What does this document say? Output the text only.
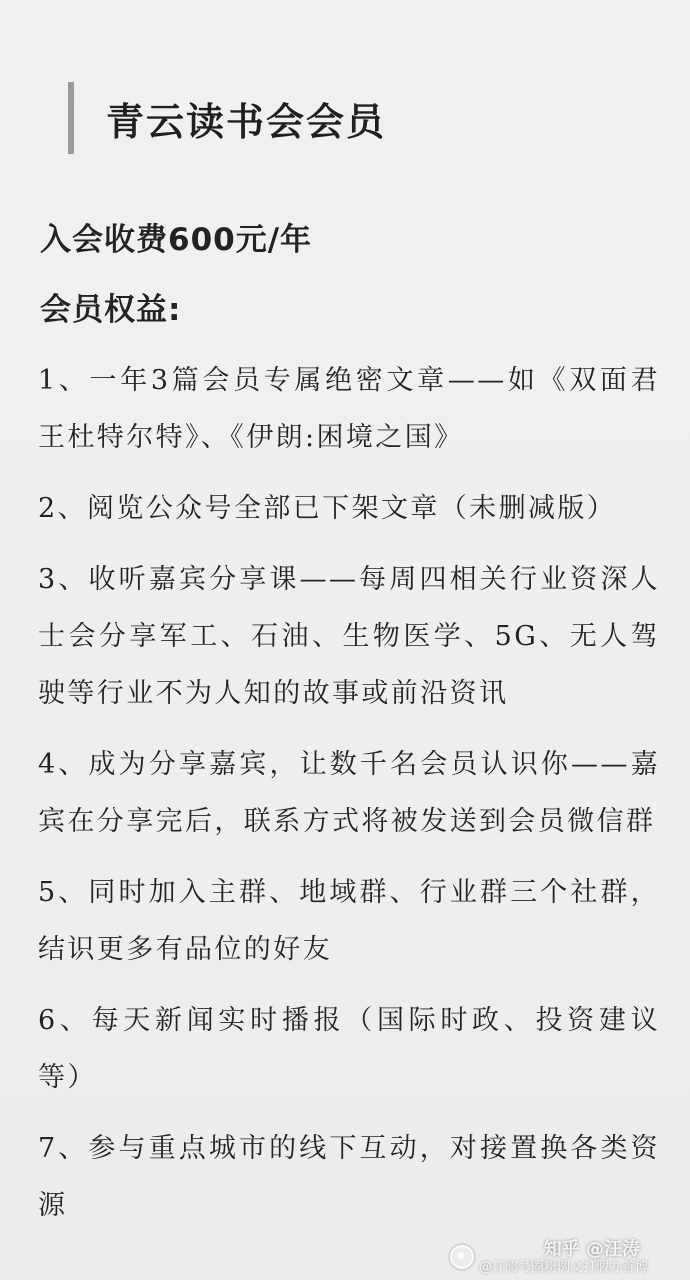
青云读书会会员
入会收费600元/年
会员权益:
1、一年3篇会员专属绝密文章——如《双面君王杜特尔特》、《伊朗:困境之国》
2、阅览公众号全部已下架文章（未删减版）
3、收听嘉宾分享课——每周四相关行业资深人士会分享军工、石油、生物医学、5G、无人驾驶等行业不为人知的故事或前沿资讯
4、成为分享嘉宾，让数千名会员认识你——嘉宾在分享完后，联系方式将被发送到会员微信群
5、同时加入主群、地域群、行业群三个社群，结识更多有品位的好友
6、每天新闻实时播报（国际时政、投资建议等）
7、参与重点城市的线下互动，对接置换各类资源
知乎 @汪涛
@订阅号圈粉例文打假办首博
